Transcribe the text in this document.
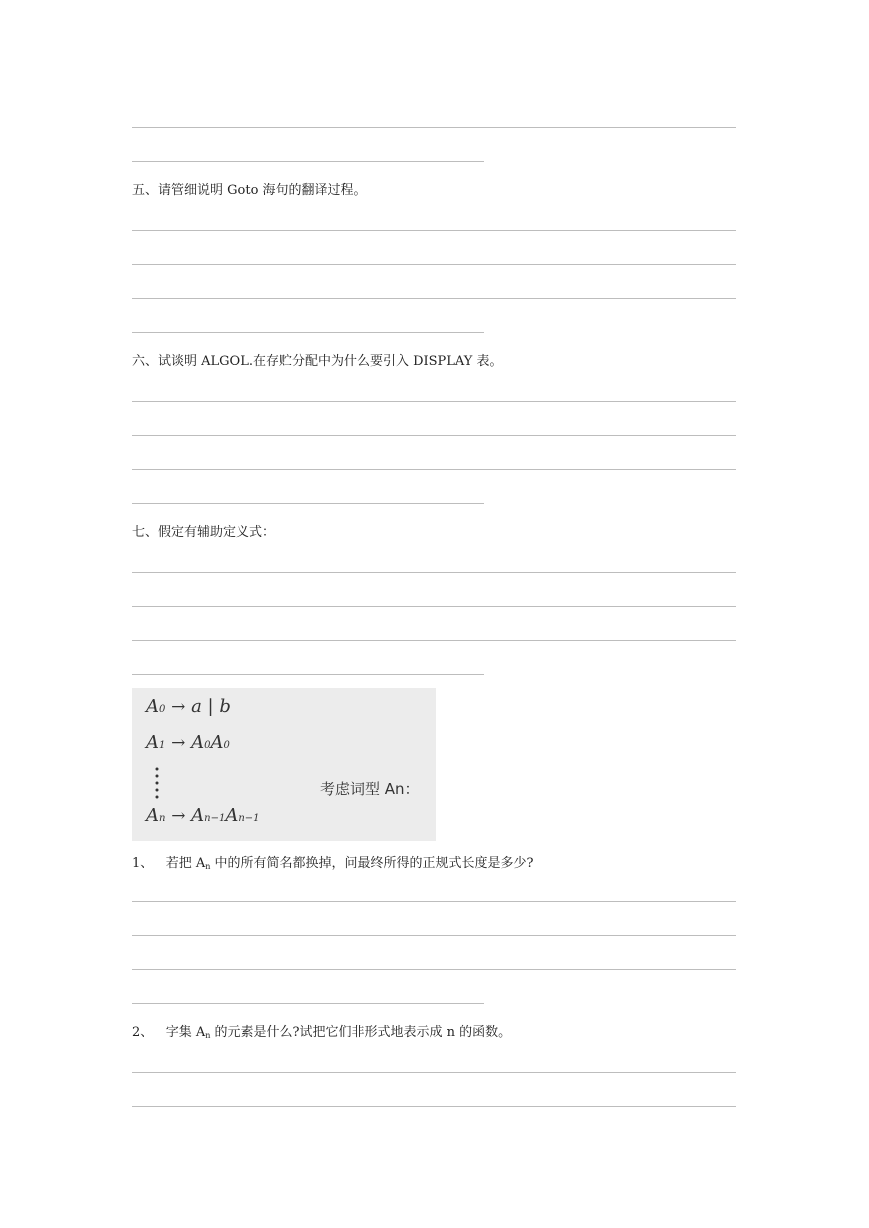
五、请管细说明 Goto 海句的翻译过程。
六、试谈明 ALGOL.在存贮分配中为什么要引入 DISPLAY 表。
七、假定有辅助定义式：
A0 → a | b
A1 → A0A0
An → An−1An−1
考虑词型 An：
1、 若把 $A_n$ 中的所有简名都换掉，问最终所得的正规式长度是多少?
2、 字集 $A_n$ 的元素是什么?试把它们非形式地表示成 n 的函数。
